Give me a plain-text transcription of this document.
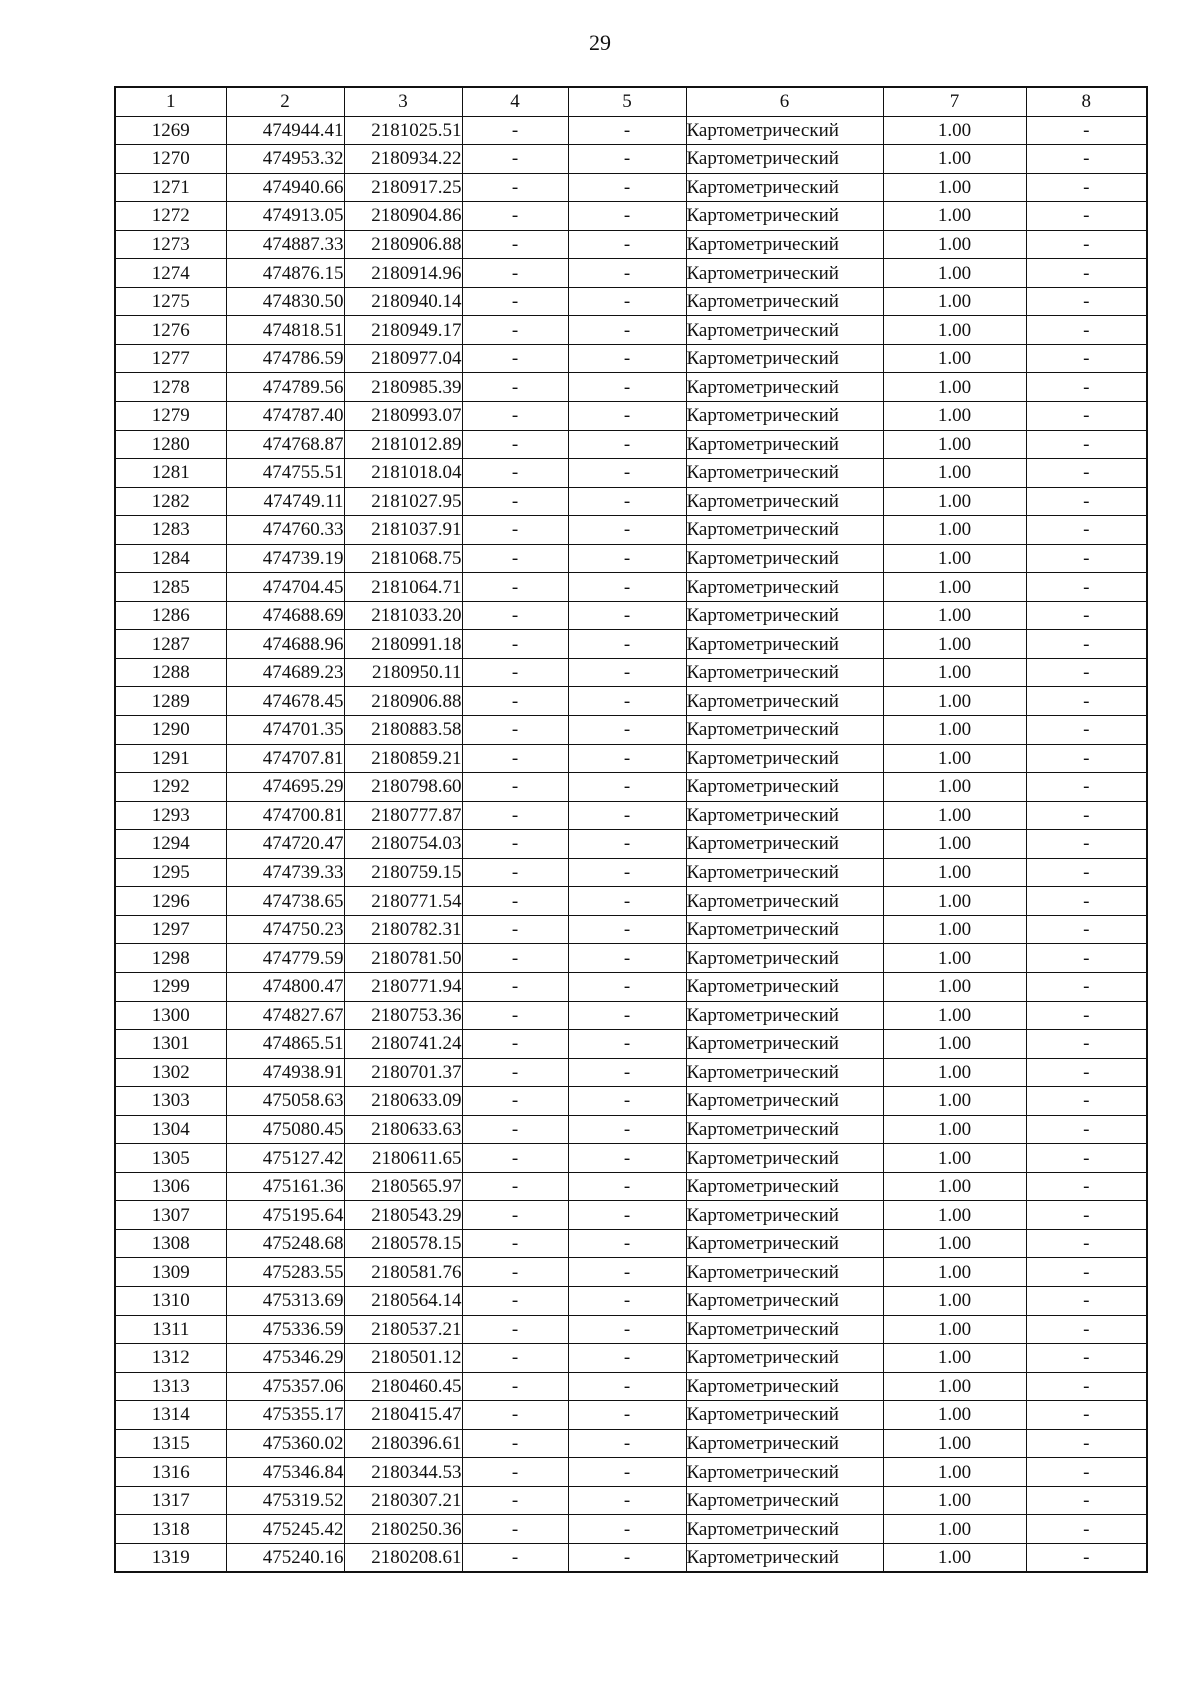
29
1	2	3	4	5	6	7	8
1269	474944.41	2181025.51	-	-	Картометрический	1.00	-
1270	474953.32	2180934.22	-	-	Картометрический	1.00	-
1271	474940.66	2180917.25	-	-	Картометрический	1.00	-
1272	474913.05	2180904.86	-	-	Картометрический	1.00	-
1273	474887.33	2180906.88	-	-	Картометрический	1.00	-
1274	474876.15	2180914.96	-	-	Картометрический	1.00	-
1275	474830.50	2180940.14	-	-	Картометрический	1.00	-
1276	474818.51	2180949.17	-	-	Картометрический	1.00	-
1277	474786.59	2180977.04	-	-	Картометрический	1.00	-
1278	474789.56	2180985.39	-	-	Картометрический	1.00	-
1279	474787.40	2180993.07	-	-	Картометрический	1.00	-
1280	474768.87	2181012.89	-	-	Картометрический	1.00	-
1281	474755.51	2181018.04	-	-	Картометрический	1.00	-
1282	474749.11	2181027.95	-	-	Картометрический	1.00	-
1283	474760.33	2181037.91	-	-	Картометрический	1.00	-
1284	474739.19	2181068.75	-	-	Картометрический	1.00	-
1285	474704.45	2181064.71	-	-	Картометрический	1.00	-
1286	474688.69	2181033.20	-	-	Картометрический	1.00	-
1287	474688.96	2180991.18	-	-	Картометрический	1.00	-
1288	474689.23	2180950.11	-	-	Картометрический	1.00	-
1289	474678.45	2180906.88	-	-	Картометрический	1.00	-
1290	474701.35	2180883.58	-	-	Картометрический	1.00	-
1291	474707.81	2180859.21	-	-	Картометрический	1.00	-
1292	474695.29	2180798.60	-	-	Картометрический	1.00	-
1293	474700.81	2180777.87	-	-	Картометрический	1.00	-
1294	474720.47	2180754.03	-	-	Картометрический	1.00	-
1295	474739.33	2180759.15	-	-	Картометрический	1.00	-
1296	474738.65	2180771.54	-	-	Картометрический	1.00	-
1297	474750.23	2180782.31	-	-	Картометрический	1.00	-
1298	474779.59	2180781.50	-	-	Картометрический	1.00	-
1299	474800.47	2180771.94	-	-	Картометрический	1.00	-
1300	474827.67	2180753.36	-	-	Картометрический	1.00	-
1301	474865.51	2180741.24	-	-	Картометрический	1.00	-
1302	474938.91	2180701.37	-	-	Картометрический	1.00	-
1303	475058.63	2180633.09	-	-	Картометрический	1.00	-
1304	475080.45	2180633.63	-	-	Картометрический	1.00	-
1305	475127.42	2180611.65	-	-	Картометрический	1.00	-
1306	475161.36	2180565.97	-	-	Картометрический	1.00	-
1307	475195.64	2180543.29	-	-	Картометрический	1.00	-
1308	475248.68	2180578.15	-	-	Картометрический	1.00	-
1309	475283.55	2180581.76	-	-	Картометрический	1.00	-
1310	475313.69	2180564.14	-	-	Картометрический	1.00	-
1311	475336.59	2180537.21	-	-	Картометрический	1.00	-
1312	475346.29	2180501.12	-	-	Картометрический	1.00	-
1313	475357.06	2180460.45	-	-	Картометрический	1.00	-
1314	475355.17	2180415.47	-	-	Картометрический	1.00	-
1315	475360.02	2180396.61	-	-	Картометрический	1.00	-
1316	475346.84	2180344.53	-	-	Картометрический	1.00	-
1317	475319.52	2180307.21	-	-	Картометрический	1.00	-
1318	475245.42	2180250.36	-	-	Картометрический	1.00	-
1319	475240.16	2180208.61	-	-	Картометрический	1.00	-
